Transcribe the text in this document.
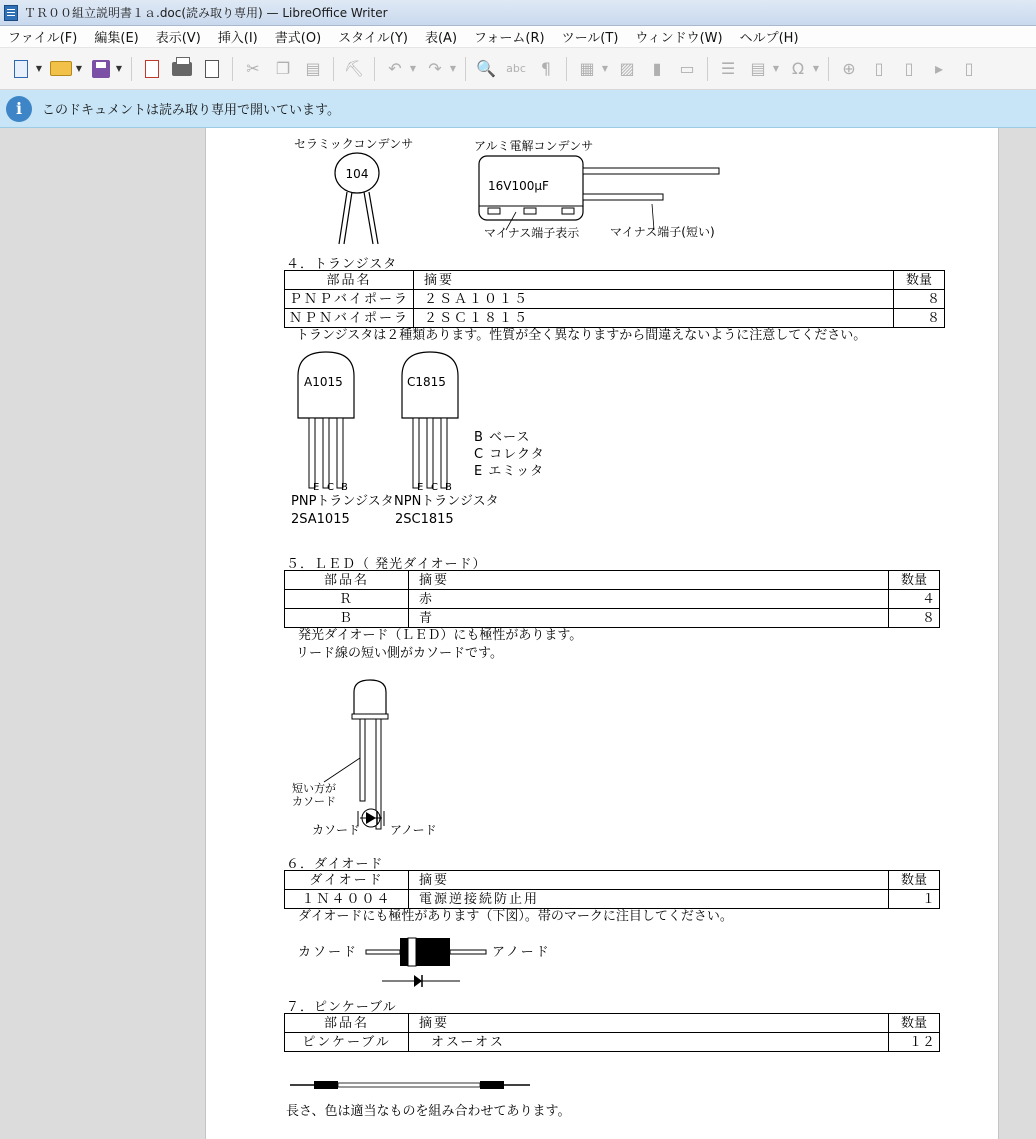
ＴＲ００組立説明書１ａ.doc(読み取り専用) — LibreOffice Writer
ファイル(F)	編集(E)	表示(V)	挿入(I)	書式(O)	スタイル(Y)	表(A)	フォーム(R)	ツール(T)	ウィンドウ(W)	ヘルプ(H)
▼	▼	▼	✂ ❐ ▤ ⛏ ↶	▼ ↷	▼ 🔍 abc ¶	▦ ▼ ▨	▮	▭ ☰ ▤ ▼ Ω	▼ ⊕	▯	▯	▸	▯
i	このドキュメントは読み取り専用で開いています。
セラミックコンデンサ	アルミ電解コンデンサ
104
16V100μF
マイナス端子表示	マイナス端子(短い)
４．トランジスタ
部品名	摘要	数量
ＰＮＰバイポーラ	２ＳＡ１０１５	８
ＮＰＮバイポーラ	２ＳＣ１８１５	８
トランジスタは２種類あります。性質が全く異なりますから間違えないように注意してください。
A1015
E C B
C1815
E C B
B ベース
C コレクタ
E エミッタ
PNPトランジスタ
2SA1015
NPNトランジスタ
2SC1815
５．ＬＥＤ（ 発光ダイオード）
部品名	摘要	数量
Ｒ	赤	４
Ｂ	青	８
発光ダイオード（ＬＥＤ）にも極性があります。
リード線の短い側がカソードです。
短い方が
カソード
カソード アノード
６．ダイオード
ダイオード	摘要	数量
１Ｎ４００４	電源逆接続防止用	１
ダイオードにも極性があります（下図）。帯のマークに注目してください。
カソード	アノード
７．ピンケーブル
部品名	摘要	数量
ピンケーブル	オスーオス	１２
長さ、色は適当なものを組み合わせてあります。
